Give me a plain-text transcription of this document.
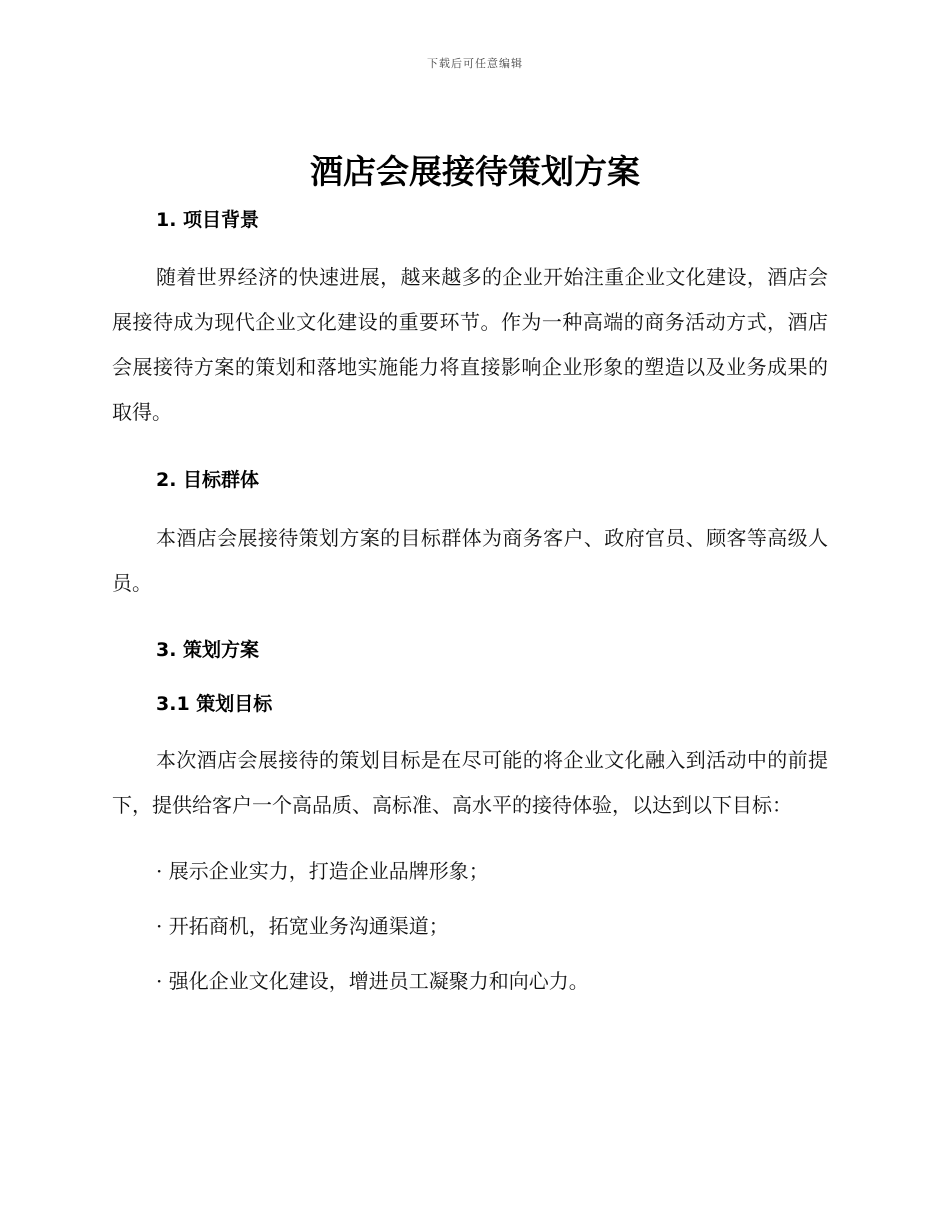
下载后可任意编辑
酒店会展接待策划方案
1. 项目背景

随着世界经济的快速进展，越来越多的企业开始注重企业文化建设，酒店会展接待成为现代企业文化建设的重要环节。作为一种高端的商务活动方式，酒店会展接待方案的策划和落地实施能力将直接影响企业形象的塑造以及业务成果的取得。

2. 目标群体

本酒店会展接待策划方案的目标群体为商务客户、政府官员、顾客等高级人员。

3. 策划方案
3.1 策划目标

本次酒店会展接待的策划目标是在尽可能的将企业文化融入到活动中的前提下，提供给客户一个高品质、高标准、高水平的接待体验，以达到以下目标：

· 展示企业实力，打造企业品牌形象；

· 开拓商机，拓宽业务沟通渠道；

· 强化企业文化建设，增进员工凝聚力和向心力。
